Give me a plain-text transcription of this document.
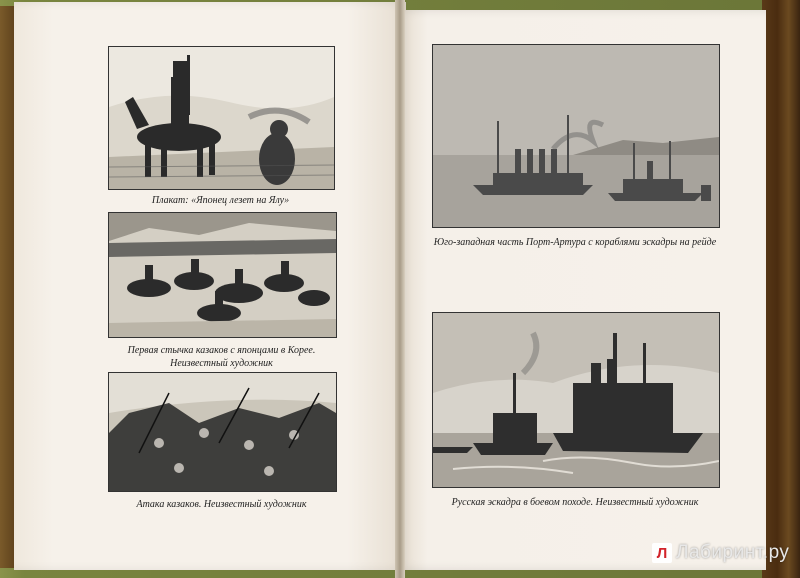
Плакат: «Японец лезет на Ялу»
Первая стычка казаков с японцами в Корее.
Неизвестный художник
Атака казаков. Неизвестный художник
Юго-западная часть Порт-Артура с кораблями эскадры на рейде
Русская эскадра в боевом походе. Неизвестный художник
Л Лабиринт.ру
